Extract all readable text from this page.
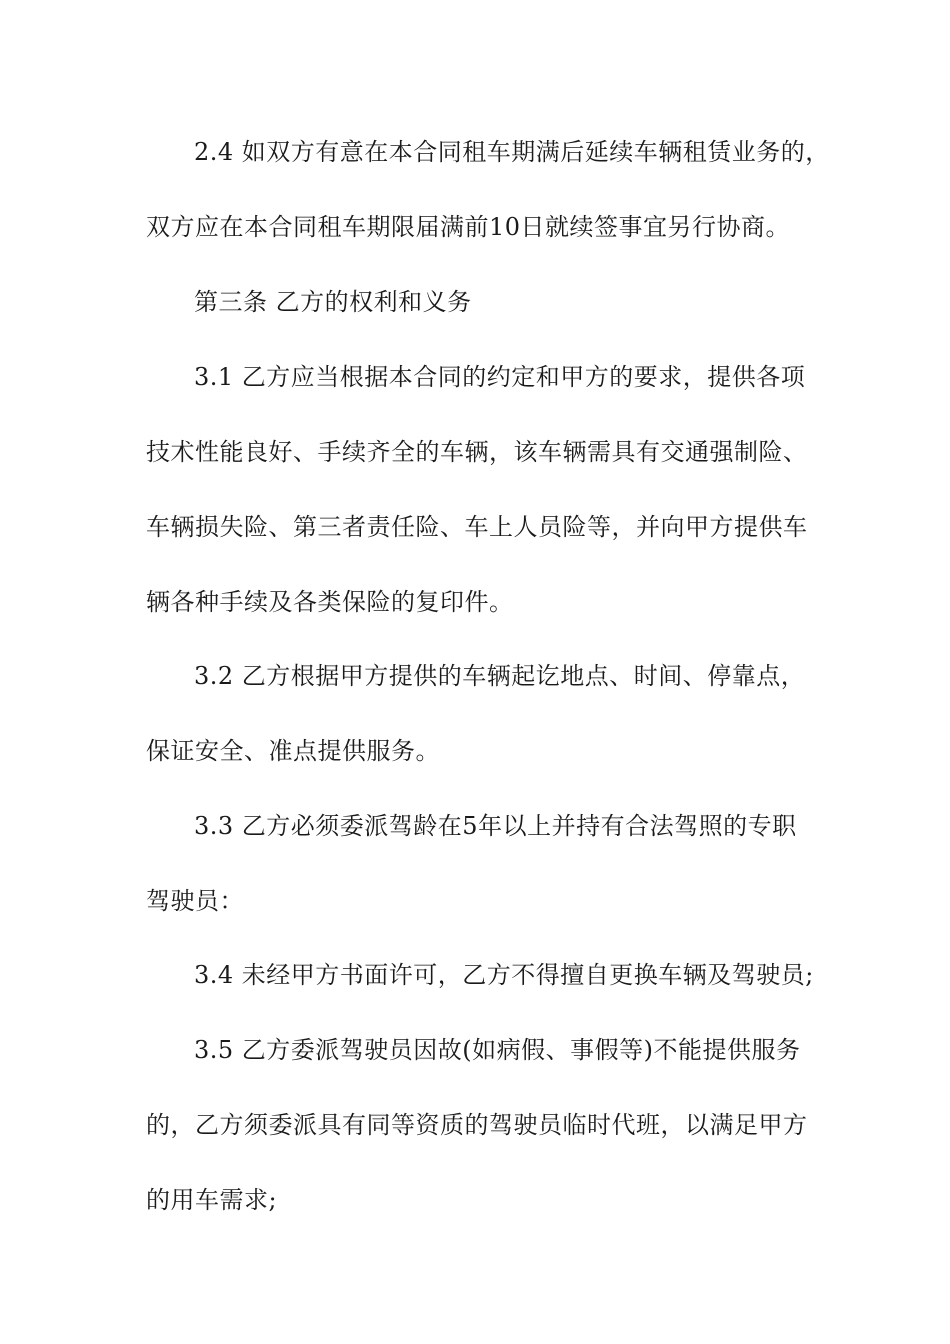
2.4 如双方有意在本合同租车期满后延续车辆租赁业务的，
双方应在本合同租车期限届满前10日就续签事宜另行协商。
第三条 乙方的权利和义务
3.1 乙方应当根据本合同的约定和甲方的要求，提供各项
技术性能良好、手续齐全的车辆，该车辆需具有交通强制险、
车辆损失险、第三者责任险、车上人员险等，并向甲方提供车
辆各种手续及各类保险的复印件。
3.2 乙方根据甲方提供的车辆起讫地点、时间、停靠点，
保证安全、准点提供服务。
3.3 乙方必须委派驾龄在5年以上并持有合法驾照的专职
驾驶员：
3.4 未经甲方书面许可，乙方不得擅自更换车辆及驾驶员;
3.5 乙方委派驾驶员因故(如病假、事假等)不能提供服务
的，乙方须委派具有同等资质的驾驶员临时代班，以满足甲方
的用车需求;
